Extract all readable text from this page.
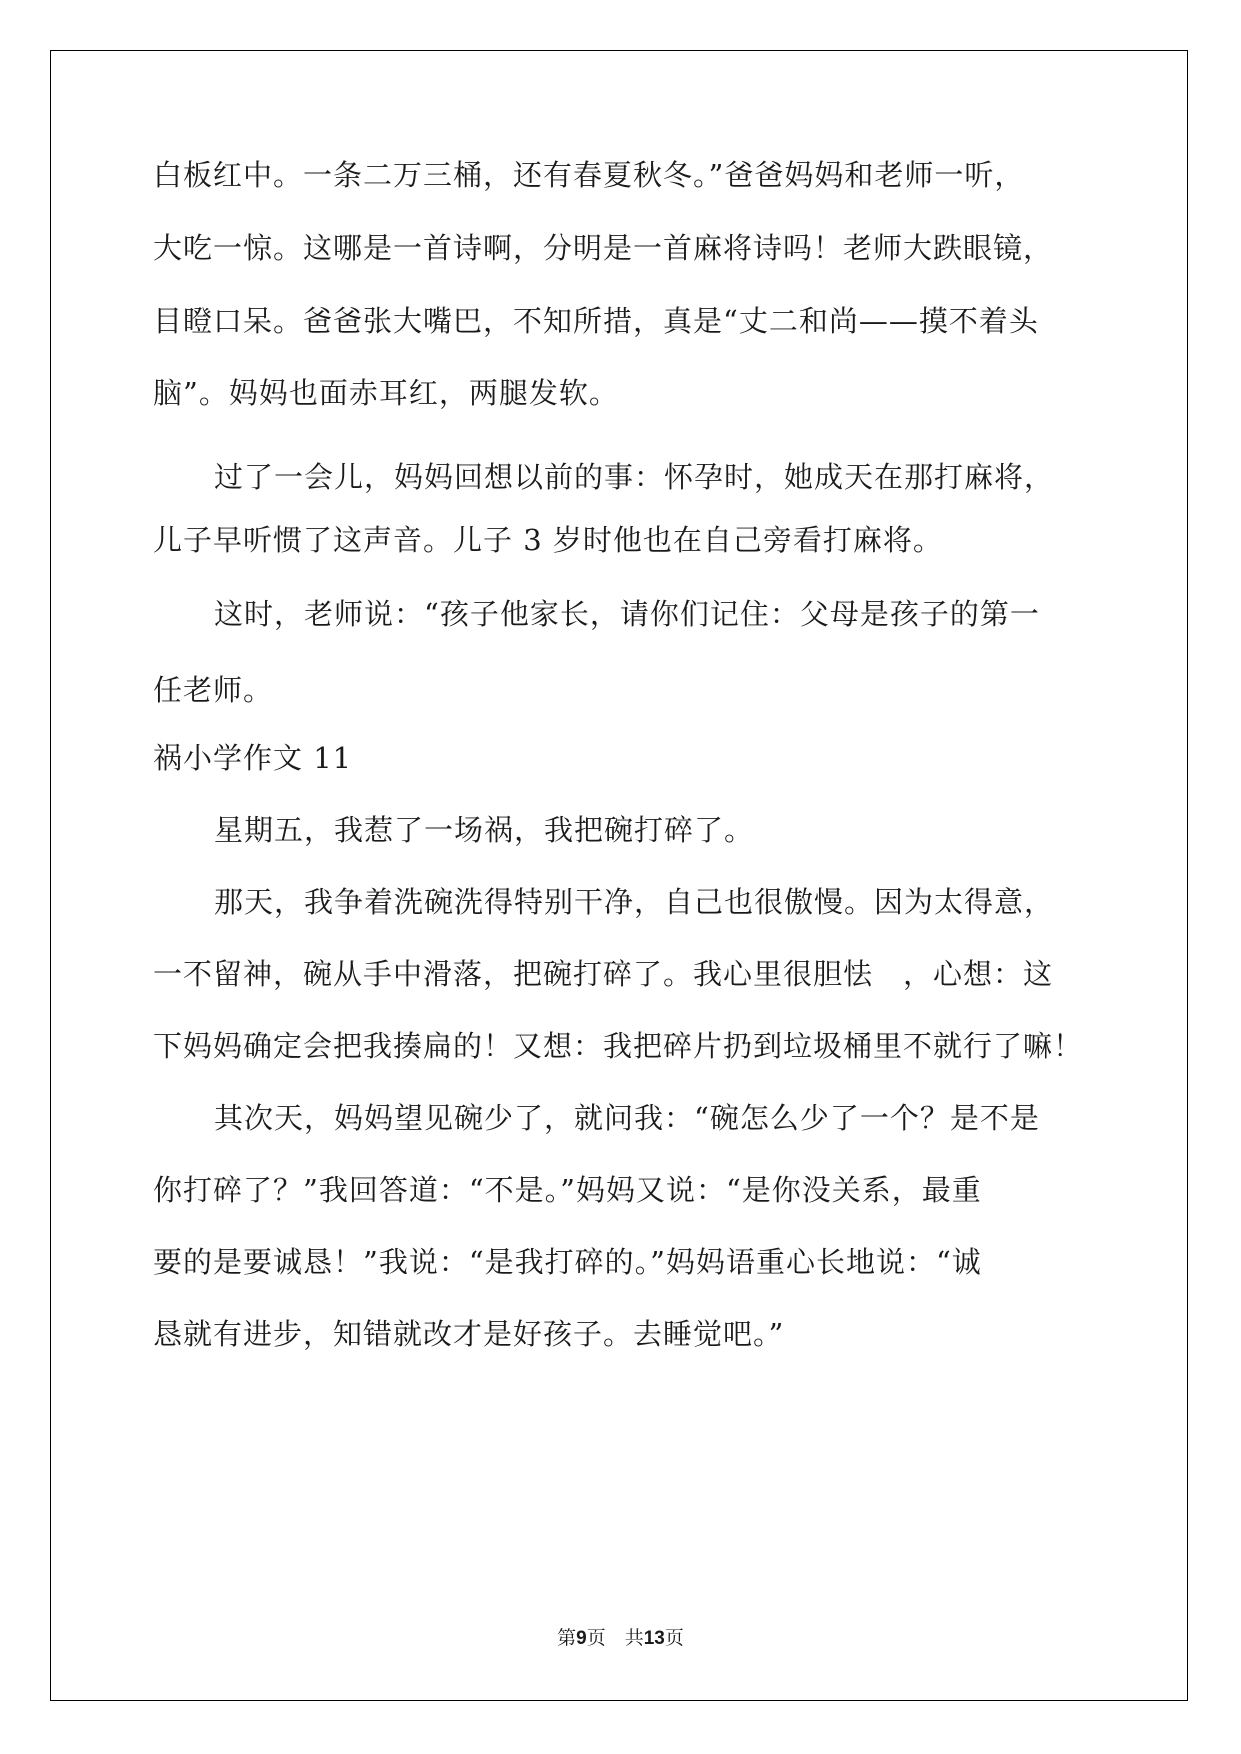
白板红中。一条二万三桶，还有春夏秋冬。”爸爸妈妈和老师一听，
大吃一惊。这哪是一首诗啊，分明是一首麻将诗吗！老师大跌眼镜，
目瞪口呆。爸爸张大嘴巴，不知所措，真是“丈二和尚——摸不着头
脑”。妈妈也面赤耳红，两腿发软。
过了一会儿，妈妈回想以前的事：怀孕时，她成天在那打麻将，
儿子早听惯了这声音。儿子 3 岁时他也在自己旁看打麻将。
这时，老师说：“孩子他家长，请你们记住：父母是孩子的第一
任老师。
祸小学作文 11
星期五，我惹了一场祸，我把碗打碎了。
那天，我争着洗碗洗得特别干净，自己也很傲慢。因为太得意，
一不留神，碗从手中滑落，把碗打碎了。我心里很胆怯　，心想：这
下妈妈确定会把我揍扁的！又想：我把碎片扔到垃圾桶里不就行了嘛！
其次天，妈妈望见碗少了，就问我：“碗怎么少了一个？是不是
你打碎了？”我回答道：“不是。”妈妈又说：“是你没关系，最重
要的是要诚恳！”我说：“是我打碎的。”妈妈语重心长地说：“诚
恳就有进步，知错就改才是好孩子。去睡觉吧。”
第9页　共13页
